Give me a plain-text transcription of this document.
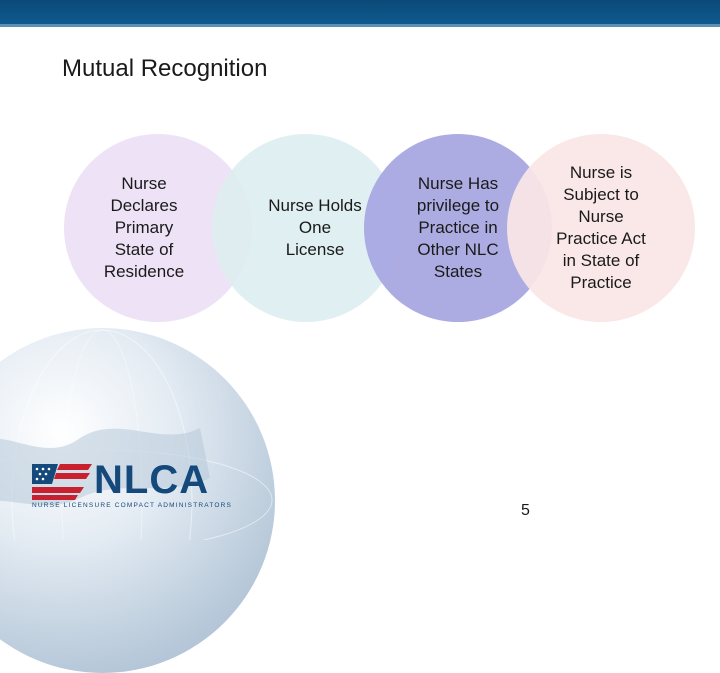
Mutual Recognition
Nurse
Declares
Primary
State of
Residence
Nurse Holds
One
License
Nurse Has
privilege to
Practice in
Other NLC
States
Nurse is
Subject to
Nurse
Practice Act
in State of
Practice
NLCA
NURSE LICENSURE COMPACT ADMINISTRATORS	5
